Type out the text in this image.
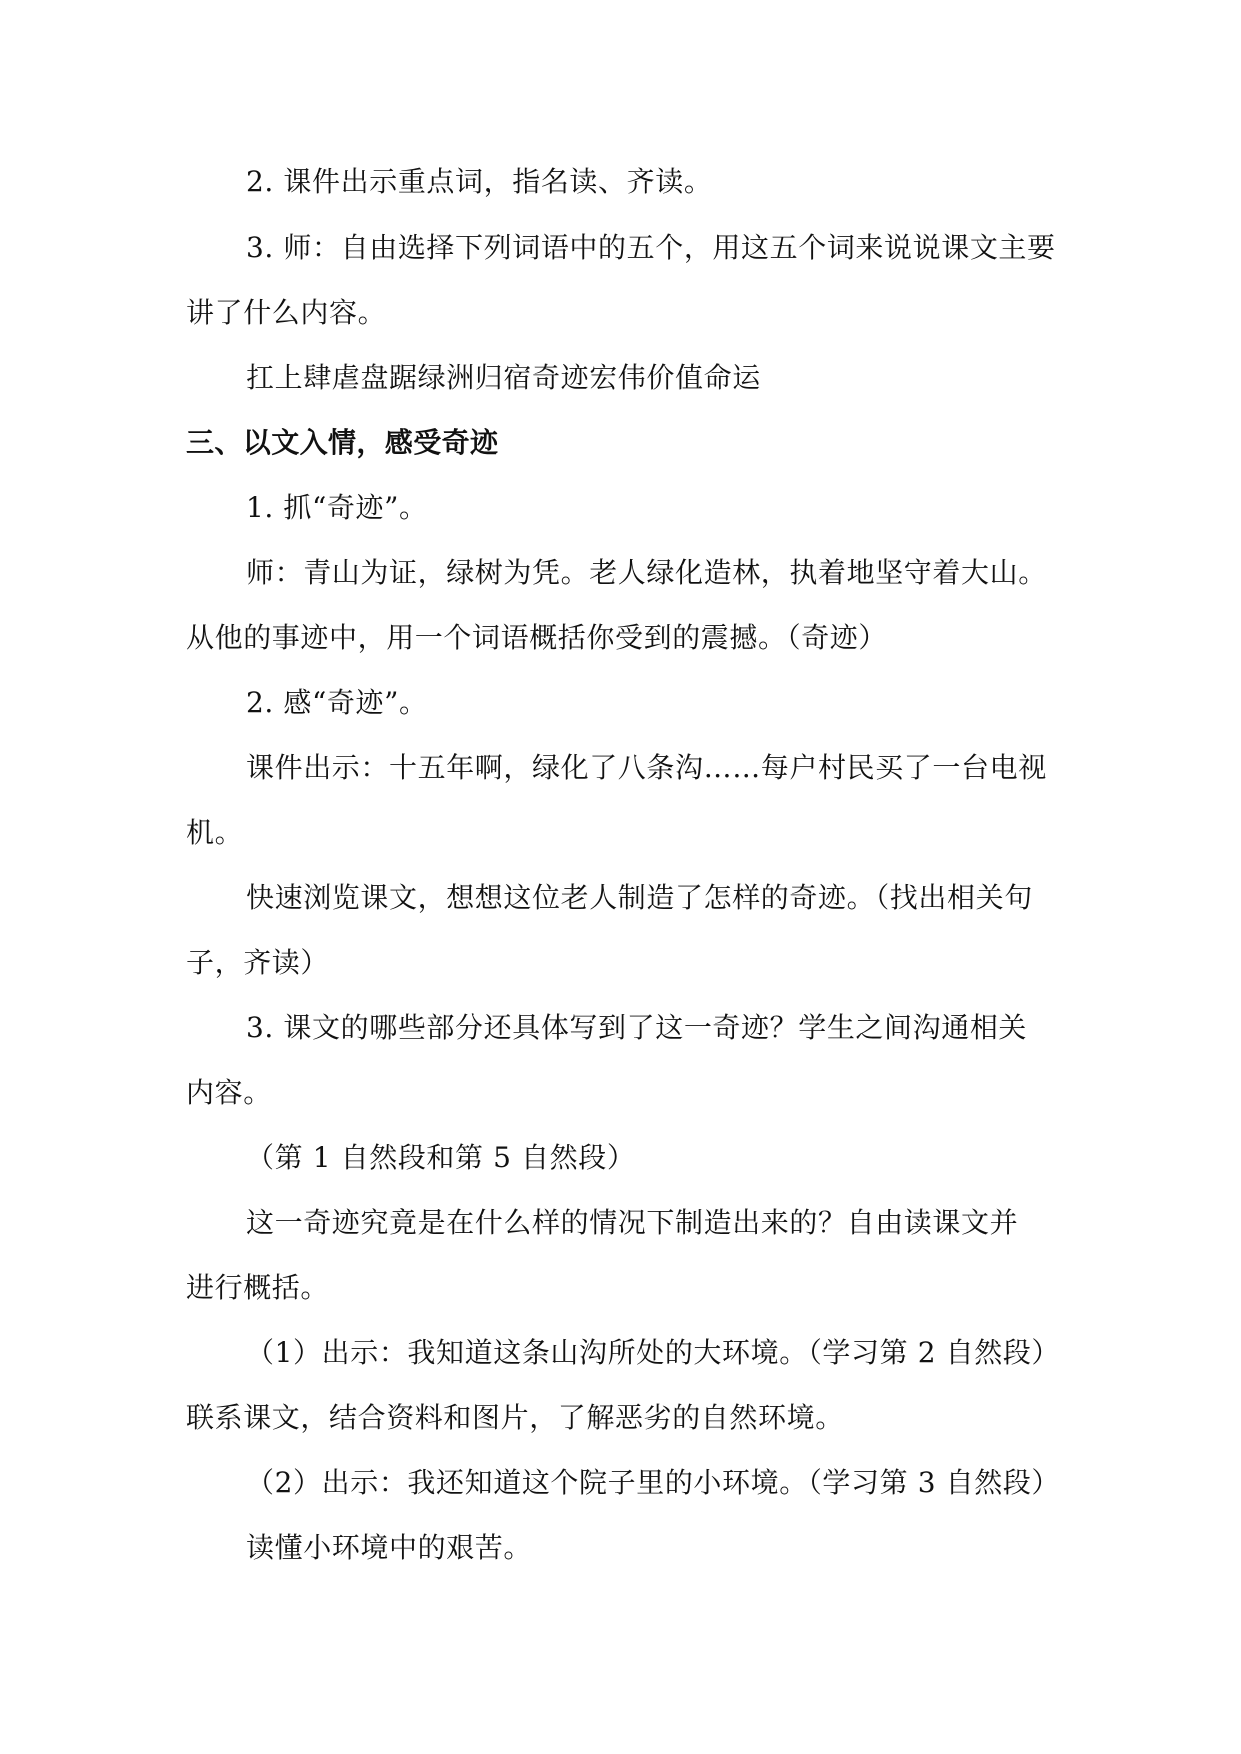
2. 课件出示重点词，指名读、齐读。
3. 师：自由选择下列词语中的五个，用这五个词来说说课文主要
讲了什么内容。
扛上肆虐盘踞绿洲归宿奇迹宏伟价值命运
三、以文入情，感受奇迹
1. 抓“奇迹”。
师：青山为证，绿树为凭。老人绿化造林，执着地坚守着大山。
从他的事迹中，用一个词语概括你受到的震撼。（奇迹）
2. 感“奇迹”。
课件出示：十五年啊，绿化了八条沟……每户村民买了一台电视
机。
快速浏览课文，想想这位老人制造了怎样的奇迹。（找出相关句
子，齐读）
3. 课文的哪些部分还具体写到了这一奇迹？学生之间沟通相关
内容。
（第 1 自然段和第 5 自然段）
这一奇迹究竟是在什么样的情况下制造出来的？自由读课文并
进行概括。
（1）出示：我知道这条山沟所处的大环境。（学习第 2 自然段）
联系课文，结合资料和图片，了解恶劣的自然环境。
（2）出示：我还知道这个院子里的小环境。（学习第 3 自然段）
读懂小环境中的艰苦。
